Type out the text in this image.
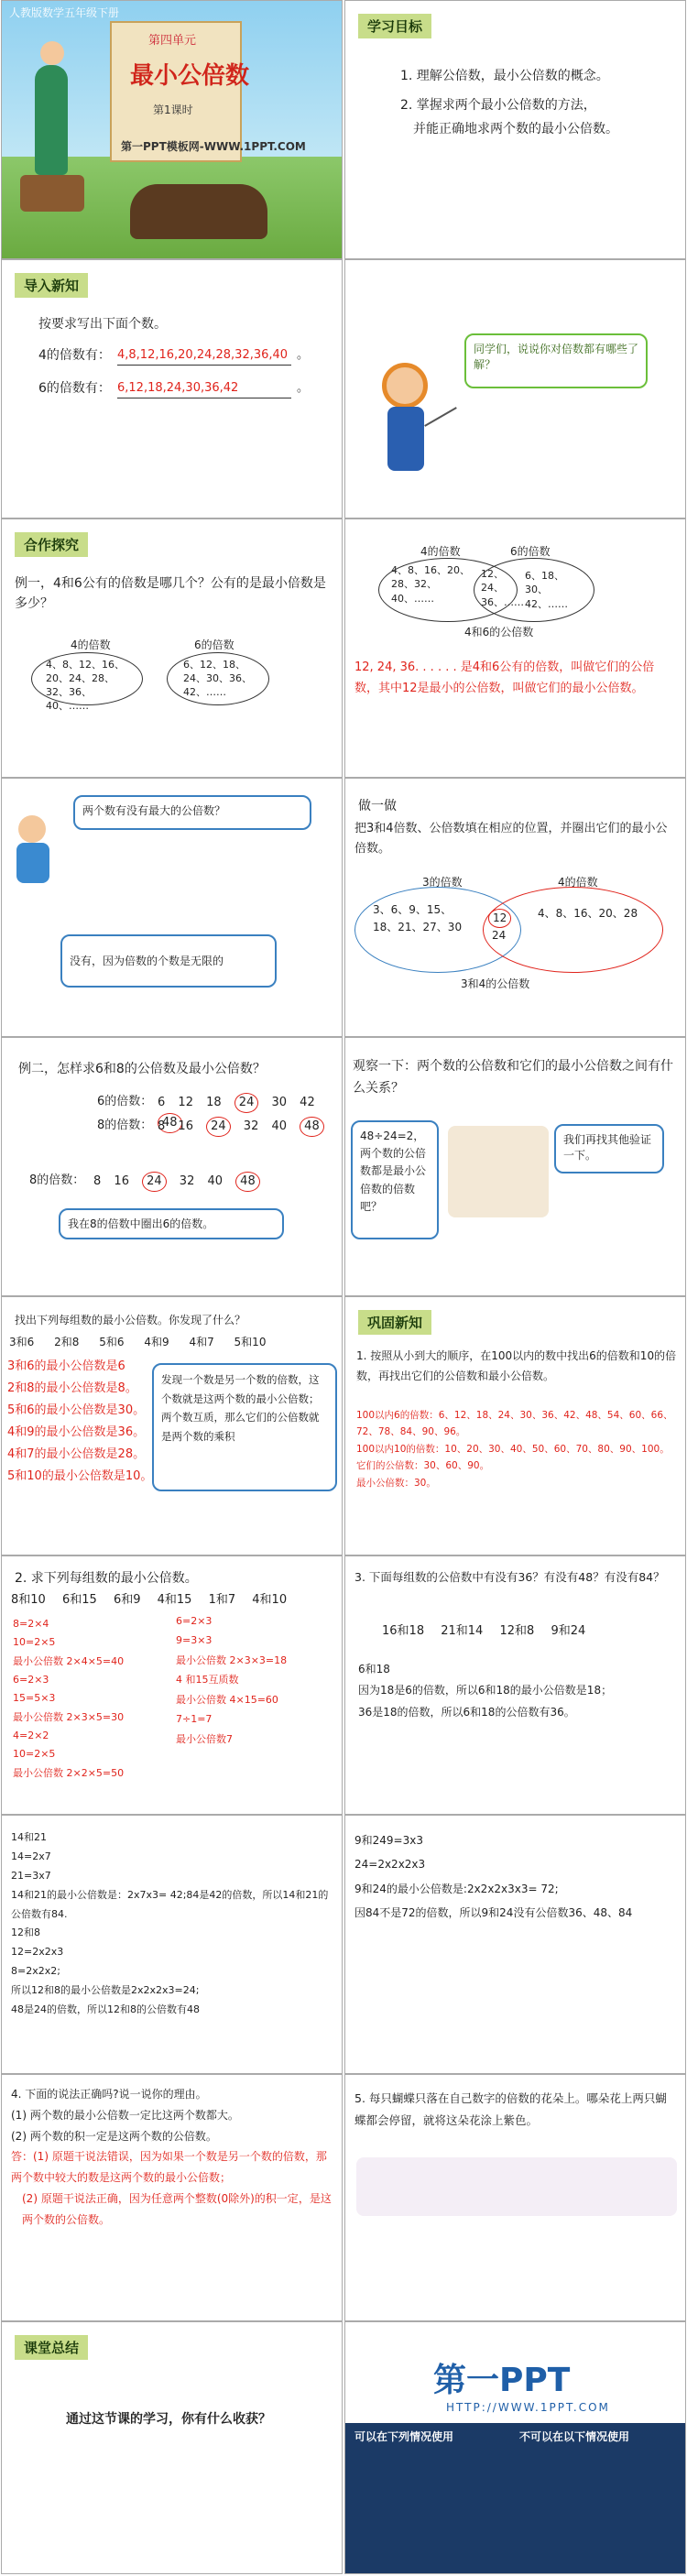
人教版数学五年级下册
第四单元
最小公倍数
第1课时
第一PPT模板网-WWW.1PPT.COM
学习目标
1. 理解公倍数，最小公倍数的概念。
2. 掌握求两个最小公倍数的方法，
并能正确地求两个数的最小公倍数。
导入新知
按要求写出下面个数。
4的倍数有： 4,8,12,16,20,24,28,32,36,40 。
6的倍数有： 6,12,18,24,30,36,42	。
同学们，说说你对倍数都有哪些了解？
合作探究
例一，4和6公有的倍数是哪几个？公有的是最小倍数是多少？
4的倍数	6的倍数
4、8、12、16、20、24、28、32、36、40、……
6、12、18、24、30、36、42、……
4的倍数	6的倍数
4、8、16、20、28、32、40、……
12、24、36、……
6、18、30、42、……
4和6的公倍数
12, 24, 36. . . . . . 是4和6公有的倍数，叫做它们的公倍数，其中12是最小的公倍数，叫做它们的最小公倍数。
两个数有没有最大的公倍数？
没有，因为倍数的个数是无限的
做一做
把3和4倍数、公倍数填在相应的位置，并圈出它们的最小公倍数。
3的倍数	4的倍数
3、6、9、15、18、21、27、30
12
24
4、8、16、20、28
3和4的公倍数
例二，怎样求6和8的公倍数及最小公倍数？
6的倍数： 6 12 18 24 30 42 48
8的倍数： 8 16 24 32 40 48
8的倍数： 8 16 24 32 40 48
我在8的倍数中圈出6的倍数。
观察一下：两个数的公倍数和它们的最小公倍数之间有什么关系？
48÷24=2，两个数的公倍数都是最小公倍数的倍数吧？
我们再找其他验证一下。
找出下列每组数的最小公倍数。你发现了什么？
3和6 2和8 5和6 4和9 4和7 5和10
3和6的最小公倍数是6
2和8的最小公倍数是8。
5和6的最小公倍数是30。
4和9的最小公倍数是36。
4和7的最小公倍数是28。
5和10的最小公倍数是10。
发现一个数是另一个数的倍数，这个数就是这两个数的最小公倍数；两个数互质，那么它们的公倍数就是两个数的乘积
巩固新知
1. 按照从小到大的顺序，在100以内的数中找出6的倍数和10的倍数，再找出它们的公倍数和最小公倍数。
100以内6的倍数：6、12、18、24、30、36、42、48、54、60、66、72、78、84、90、96。
100以内10的倍数：10、20、30、40、50、60、70、80、90、100。
它们的公倍数：30、60、90。
最小公倍数：30。
2. 求下列每组数的最小公倍数。
8和10 6和15 6和9 4和15 1和7 4和10
8=2×4
10=2×5
最小公倍数 2×4×5=40
6=2×3
15=5×3
最小公倍数 2×3×5=30
4=2×2
10=2×5
最小公倍数 2×2×5=50
6=2×3
9=3×3
最小公倍数 2×3×3=18
4 和15互质数
最小公倍数 4×15=60
7÷1=7
最小公倍数7
3. 下面每组数的公倍数中有没有36？有没有48？有没有84？
16和18 21和14 12和8 9和24
6和18
因为18是6的倍数，所以6和18的最小公倍数是18；
36是18的倍数，所以6和18的公倍数有36。
14和21
14=2x7
21=3x7
14和21的最小公倍数是：2x7x3= 42;84是42的倍数，所以14和21的公倍数有84.
12和8
12=2x2x3
8=2x2x2;
所以12和8的最小公倍数是2x2x2x3=24;
48是24的倍数，所以12和8的公倍数有48
9和249=3x3
24=2x2x2x3
9和24的最小公倍数是:2x2x2x3x3= 72;
因84不是72的倍数，所以9和24没有公倍数36、48、84
4. 下面的说法正确吗?说一说你的理由。
(1) 两个数的最小公倍数一定比这两个数都大。
(2) 两个数的积一定是这两个数的公倍数。
答：(1) 原题干说法错误，因为如果一个数是另一个数的倍数，那两个数中较大的数是这两个数的最小公倍数；
(2) 原题干说法正确，因为任意两个整数(0除外)的积一定，是这两个数的公倍数。
5. 每只蝴蝶只落在自己数字的倍数的花朵上。哪朵花上两只蝴蝶都会停留，就将这朵花涂上紫色。
课堂总结
通过这节课的学习，你有什么收获？
第一PPT
HTTP://WWW.1PPT.COM
可以在下列情况使用	不可以在以下情况使用
